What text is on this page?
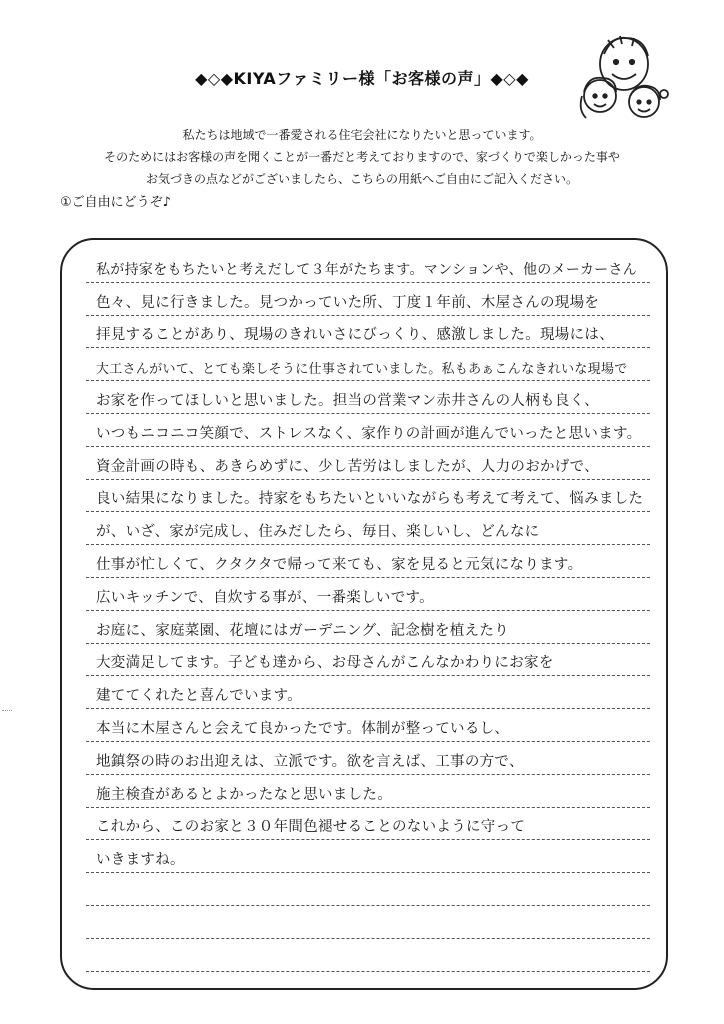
◆◇◆KIYAファミリー様「お客様の声」◆◇◆
私たちは地域で一番愛される住宅会社になりたいと思っています。
そのためにはお客様の声を聞くことが一番だと考えておりますので、家づくりで楽しかった事や
お気づきの点などがございましたら、こちらの用紙へご自由にご記入ください。
①ご自由にどうぞ♪
私が持家をもちたいと考えだして３年がたちます。マンションや、他のメーカーさん
色々、見に行きました。見つかっていた所、丁度１年前、木屋さんの現場を
拝見することがあり、現場のきれいさにびっくり、感激しました。現場には、
大工さんがいて、とても楽しそうに仕事されていました。私もあぁこんなきれいな現場で
お家を作ってほしいと思いました。担当の営業マン赤井さんの人柄も良く、
いつもニコニコ笑顔で、ストレスなく、家作りの計画が進んでいったと思います。
資金計画の時も、あきらめずに、少し苦労はしましたが、人力のおかげで、
良い結果になりました。持家をもちたいといいながらも考えて考えて、悩みました
が、いざ、家が完成し、住みだしたら、毎日、楽しいし、どんなに
仕事が忙しくて、クタクタで帰って来ても、家を見ると元気になります。
広いキッチンで、自炊する事が、一番楽しいです。
お庭に、家庭菜園、花壇にはガーデニング、記念樹を植えたり
大変満足してます。子ども達から、お母さんがこんなかわりにお家を
建ててくれたと喜んでいます。
本当に木屋さんと会えて良かったです。体制が整っているし、
地鎮祭の時のお出迎えは、立派です。欲を言えば、工事の方で、
施主検査があるとよかったなと思いました。
これから、このお家と３０年間色褪せることのないように守って
いきますね。
